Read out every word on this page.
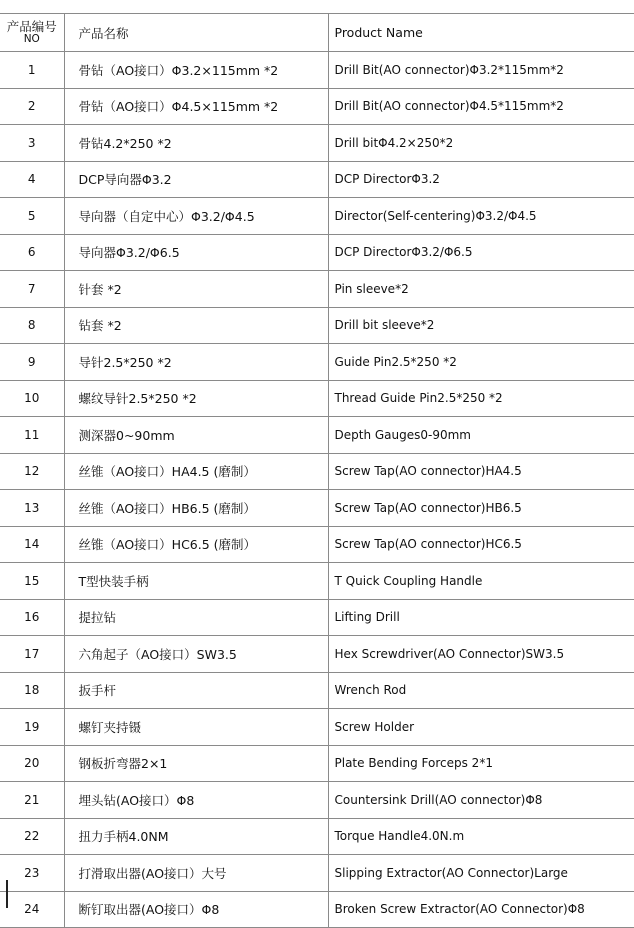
产品编号
NO	产品名称	Product Name
1	骨钻（AO接口）Φ3.2×115mm *2	Drill Bit(AO connector)Φ3.2*115mm*2
2	骨钻（AO接口）Φ4.5×115mm *2	Drill Bit(AO connector)Φ4.5*115mm*2
3	骨钻4.2*250 *2	Drill bitΦ4.2×250*2
4	DCP导向器Φ3.2	DCP DirectorΦ3.2
5	导向器（自定中心）Φ3.2/Φ4.5	Director(Self-centering)Φ3.2/Φ4.5
6	导向器Φ3.2/Φ6.5	DCP DirectorΦ3.2/Φ6.5
7	针套 *2	Pin sleeve*2
8	钻套 *2	Drill bit sleeve*2
9	导针2.5*250 *2	Guide Pin2.5*250 *2
10	螺纹导针2.5*250 *2	Thread Guide Pin2.5*250 *2
11	测深器0~90mm	Depth Gauges0-90mm
12	丝锥（AO接口）HA4.5 (磨制）	Screw Tap(AO connector)HA4.5
13	丝锥（AO接口）HB6.5 (磨制）	Screw Tap(AO connector)HB6.5
14	丝锥（AO接口）HC6.5 (磨制）	Screw Tap(AO connector)HC6.5
15	T型快装手柄	T Quick Coupling Handle
16	提拉钻	Lifting Drill
17	六角起子（AO接口）SW3.5	Hex Screwdriver(AO Connector)SW3.5
18	扳手杆	Wrench Rod
19	螺钉夹持镊	Screw Holder
20	钢板折弯器2×1	Plate Bending Forceps 2*1
21	埋头钻(AO接口）Φ8	Countersink Drill(AO connector)Φ8
22	扭力手柄4.0NM	Torque Handle4.0N.m
23	打滑取出器(AO接口）大号	Slipping Extractor(AO Connector)Large
24	断钉取出器(AO接口）Φ8	Broken Screw Extractor(AO Connector)Φ8
